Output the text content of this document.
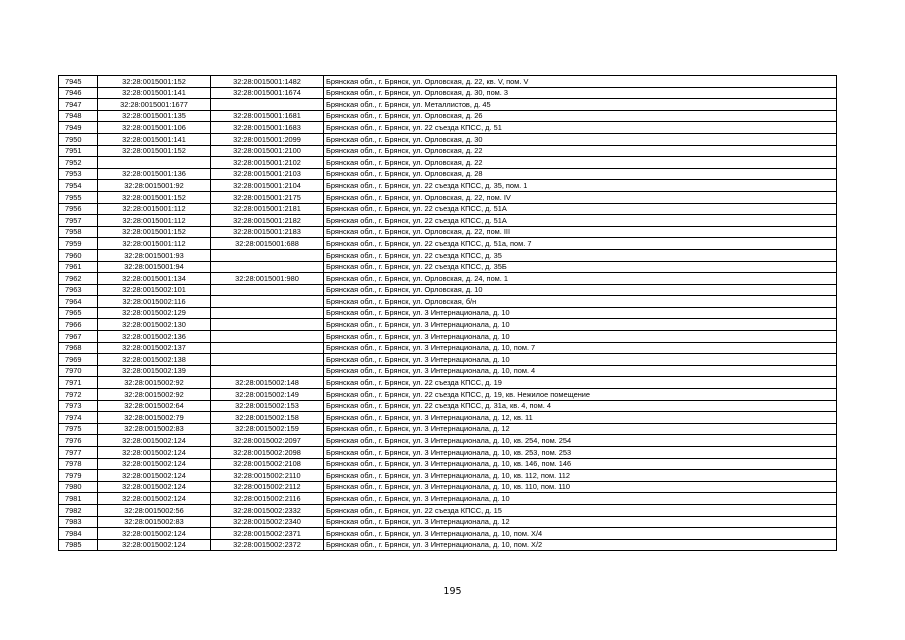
7945	32:28:0015001:152	32:28:0015001:1482	Брянская обл., г. Брянск, ул. Орловская, д. 22, кв. V, пом. V
7946	32:28:0015001:141	32:28:0015001:1674	Брянская обл., г. Брянск, ул. Орловская, д. 30, пом. 3
7947	32:28:0015001:1677		Брянская обл., г. Брянск, ул. Металлистов, д. 45
7948	32:28:0015001:135	32:28:0015001:1681	Брянская обл., г. Брянск, ул. Орловская, д. 26
7949	32:28:0015001:106	32:28:0015001:1683	Брянская обл., г. Брянск, ул. 22 съезда КПСС, д. 51
7950	32:28:0015001:141	32:28:0015001:2099	Брянская обл., г. Брянск, ул. Орловская, д. 30
7951	32:28:0015001:152	32:28:0015001:2100	Брянская обл., г. Брянск, ул. Орловская, д. 22
7952		32:28:0015001:2102	Брянская обл., г. Брянск, ул. Орловская, д. 22
7953	32:28:0015001:136	32:28:0015001:2103	Брянская обл., г. Брянск, ул. Орловская, д. 28
7954	32:28:0015001:92	32:28:0015001:2104	Брянская обл., г. Брянск, ул. 22 съезда КПСС, д. 35, пом. 1
7955	32:28:0015001:152	32:28:0015001:2175	Брянская обл., г. Брянск, ул. Орловская, д. 22, пом. IV
7956	32:28:0015001:112	32:28:0015001:2181	Брянская обл., г. Брянск, ул. 22 съезда КПСС, д. 51А
7957	32:28:0015001:112	32:28:0015001:2182	Брянская обл., г. Брянск, ул. 22 съезда КПСС, д. 51А
7958	32:28:0015001:152	32:28:0015001:2183	Брянская обл., г. Брянск, ул. Орловская, д. 22, пом. III
7959	32:28:0015001:112	32:28:0015001:688	Брянская обл., г. Брянск, ул. 22 съезда КПСС, д. 51а, пом. 7
7960	32:28:0015001:93		Брянская обл., г. Брянск, ул. 22 съезда КПСС, д. 35
7961	32:28:0015001:94		Брянская обл., г. Брянск, ул. 22 съезда КПСС, д. 35Б
7962	32:28:0015001:134	32:28:0015001:980	Брянская обл., г. Брянск, ул. Орловская, д. 24, пом. 1
7963	32:28:0015002:101		Брянская обл., г. Брянск, ул. Орловская, д. 10
7964	32:28:0015002:116		Брянская обл., г. Брянск, ул. Орловская, б/н
7965	32:28:0015002:129		Брянская обл., г. Брянск, ул. 3 Интернационала, д. 10
7966	32:28:0015002:130		Брянская обл., г. Брянск, ул. 3 Интернационала, д. 10
7967	32:28:0015002:136		Брянская обл., г. Брянск, ул. 3 Интернационала, д. 10
7968	32:28:0015002:137		Брянская обл., г. Брянск, ул. 3 Интернационала, д. 10, пом. 7
7969	32:28:0015002:138		Брянская обл., г. Брянск, ул. 3 Интернационала, д. 10
7970	32:28:0015002:139		Брянская обл., г. Брянск, ул. 3 Интернационала, д. 10, пом. 4
7971	32:28:0015002:92	32:28:0015002:148	Брянская обл., г. Брянск, ул. 22 съезда КПСС, д. 19
7972	32:28:0015002:92	32:28:0015002:149	Брянская обл., г. Брянск, ул. 22 съезда КПСС, д. 19, кв. Нежилое помещение
7973	32:28:0015002:64	32:28:0015002:153	Брянская обл., г. Брянск, ул. 22 съезда КПСС, д. 31а, кв. 4, пом. 4
7974	32:28:0015002:79	32:28:0015002:158	Брянская обл., г. Брянск, ул. 3 Интернационала, д. 12, кв. 11
7975	32:28:0015002:83	32:28:0015002:159	Брянская обл., г. Брянск, ул. 3 Интернационала, д. 12
7976	32:28:0015002:124	32:28:0015002:2097	Брянская обл., г. Брянск, ул. 3 Интернационала, д. 10, кв. 254, пом. 254
7977	32:28:0015002:124	32:28:0015002:2098	Брянская обл., г. Брянск, ул. 3 Интернационала, д. 10, кв. 253, пом. 253
7978	32:28:0015002:124	32:28:0015002:2108	Брянская обл., г. Брянск, ул. 3 Интернационала, д. 10, кв. 146, пом. 146
7979	32:28:0015002:124	32:28:0015002:2110	Брянская обл., г. Брянск, ул. 3 Интернационала, д. 10, кв. 112, пом. 112
7980	32:28:0015002:124	32:28:0015002:2112	Брянская обл., г. Брянск, ул. 3 Интернационала, д. 10, кв. 110, пом. 110
7981	32:28:0015002:124	32:28:0015002:2116	Брянская обл., г. Брянск, ул. 3 Интернационала, д. 10
7982	32:28:0015002:56	32:28:0015002:2332	Брянская обл., г. Брянск, ул. 22 съезда КПСС, д. 15
7983	32:28:0015002:83	32:28:0015002:2340	Брянская обл., г. Брянск, ул. 3 Интернационала, д. 12
7984	32:28:0015002:124	32:28:0015002:2371	Брянская обл., г. Брянск, ул. 3 Интернационала, д. 10, пом. Х/4
7985	32:28:0015002:124	32:28:0015002:2372	Брянская обл., г. Брянск, ул. 3 Интернационала, д. 10, пом. Х/2
195
